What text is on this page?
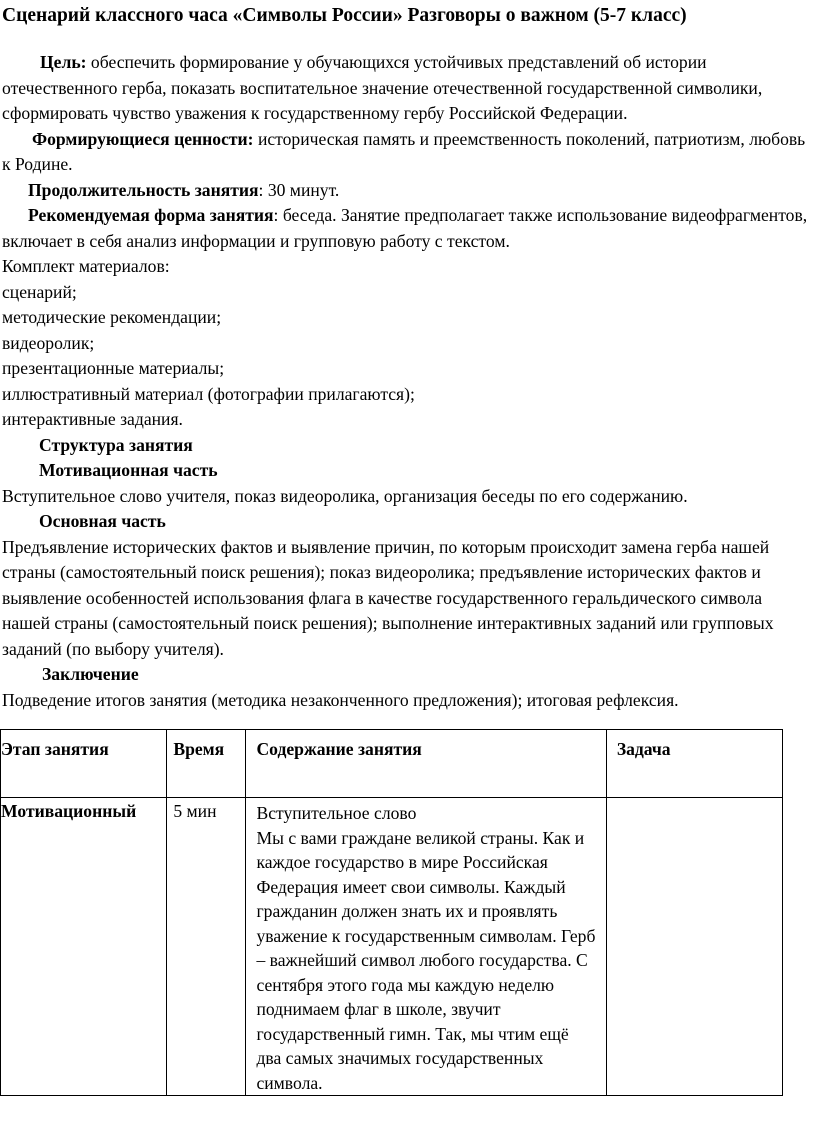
Сценарий классного часа «Символы России» Разговоры о важном (5-7 класс)

Цель: обеспечить формирование у обучающихся устойчивых представлений об истории отечественного герба, показать воспитательное значение отечественной государственной символики, сформировать чувство уважения к государственному гербу Российской Федерации.

Формирующиеся ценности: историческая память и преемственность поколений, патриотизм, любовь к Родине.

Продолжительность занятия: 30 минут.

Рекомендуемая форма занятия: беседа. Занятие предполагает также использование видеофрагментов, включает в себя анализ информации и групповую работу с текстом.

Комплект материалов:

сценарий;

методические рекомендации;

видеоролик;

презентационные материалы;

иллюстративный материал (фотографии прилагаются);

интерактивные задания.

Структура занятия

Мотивационная часть

Вступительное слово учителя, показ видеоролика, организация беседы по его содержанию.

Основная часть

Предъявление исторических фактов и выявление причин, по которым происходит замена герба нашей страны (самостоятельный поиск решения); показ видеоролика; предъявление исторических фактов и выявление особенностей использования флага в качестве государственного геральдического символа нашей страны (самостоятельный поиск решения); выполнение интерактивных заданий или групповых заданий (по выбору учителя).

Заключение

Подведение итогов занятия (методика незаконченного предложения); итоговая рефлексия.

Этап занятия	Время	Содержание занятия	Задача
Мотивационный	5 мин	Вступительное слово

Мы с вами граждане великой страны. Как и каждое государство в мире Российская Федерация имеет свои символы. Каждый гражданин должен знать их и проявлять уважение к государственным символам. Герб – важнейший символ любого государства. С сентября этого года мы каждую неделю поднимаем флаг в школе, звучит государственный гимн. Так, мы чтим ещё два самых значимых государственных символа.	
